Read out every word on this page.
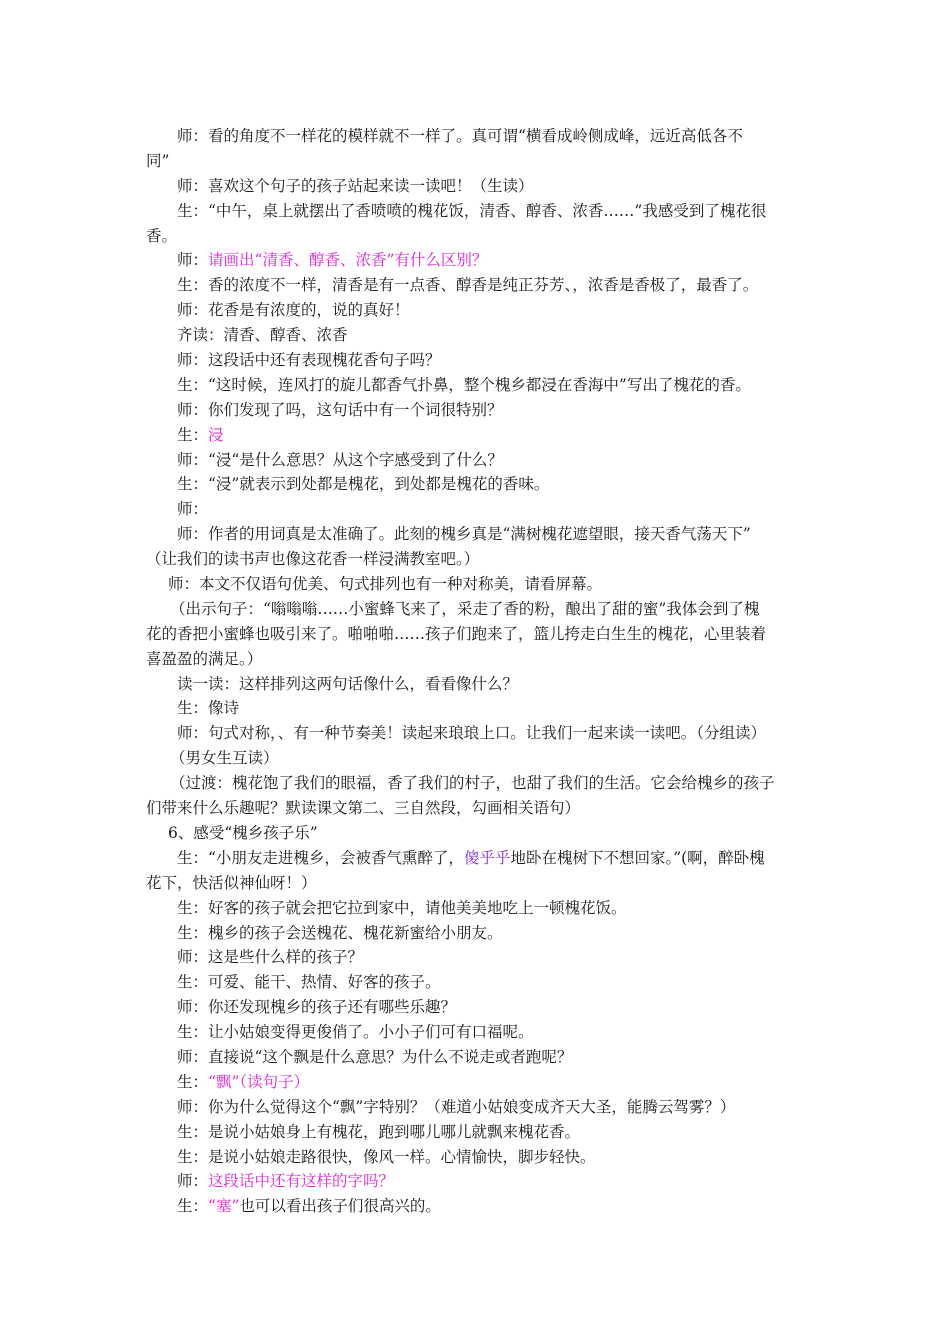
师：看的角度不一样花的模样就不一样了。真可谓“横看成岭侧成峰，远近高低各不
同”
师：喜欢这个句子的孩子站起来读一读吧！（生读）
生：“中午，桌上就摆出了香喷喷的槐花饭，清香、醇香、浓香……”我感受到了槐花很
香。
师：请画出“清香、醇香、浓香”有什么区别？
生：香的浓度不一样，清香是有一点香、醇香是纯正芬芳、，浓香是香极了，最香了。
师：花香是有浓度的，说的真好！
齐读：清香、醇香、浓香
师：这段话中还有表现槐花香句子吗？
生：“这时候，连风打的旋儿都香气扑鼻，整个槐乡都浸在香海中”写出了槐花的香。
师：你们发现了吗，这句话中有一个词很特别？
生：浸
师：“浸“是什么意思？从这个字感受到了什么？
生：“浸”就表示到处都是槐花，到处都是槐花的香味。
师：
师：作者的用词真是太准确了。此刻的槐乡真是“满树槐花遮望眼，接天香气荡天下”
（让我们的读书声也像这花香一样浸满教室吧。）
师：本文不仅语句优美、句式排列也有一种对称美，请看屏幕。
（出示句子：“嗡嗡嗡……小蜜蜂飞来了，采走了香的粉，酿出了甜的蜜”我体会到了槐
花的香把小蜜蜂也吸引来了。啪啪啪……孩子们跑来了，篮儿挎走白生生的槐花，心里装着
喜盈盈的满足。）
读一读：这样排列这两句话像什么，看看像什么？
生：像诗
师：句式对称，、有一种节奏美！读起来琅琅上口。让我们一起来读一读吧。（分组读）
（男女生互读）
（过渡：槐花饱了我们的眼福，香了我们的村子，也甜了我们的生活。它会给槐乡的孩子
们带来什么乐趣呢？默读课文第二、三自然段，勾画相关语句）
6、感受“槐乡孩子乐”
生：“小朋友走进槐乡，会被香气熏醉了，傻乎乎地卧在槐树下不想回家。”(啊，醉卧槐
花下，快活似神仙呀！）
生：好客的孩子就会把它拉到家中，请他美美地吃上一顿槐花饭。
生：槐乡的孩子会送槐花、槐花新蜜给小朋友。
师：这是些什么样的孩子？
生：可爱、能干、热情、好客的孩子。
师：你还发现槐乡的孩子还有哪些乐趣？
生：让小姑娘变得更俊俏了。小小子们可有口福呢。
师：直接说“这个飘是什么意思？为什么不说走或者跑呢？
生：“飘”（读句子）
师：你为什么觉得这个“飘”字特别？（难道小姑娘变成齐天大圣，能腾云驾雾？）
生：是说小姑娘身上有槐花，跑到哪儿哪儿就飘来槐花香。
生：是说小姑娘走路很快，像风一样。心情愉快，脚步轻快。
师：这段话中还有这样的字吗？
生：“塞”也可以看出孩子们很高兴的。
